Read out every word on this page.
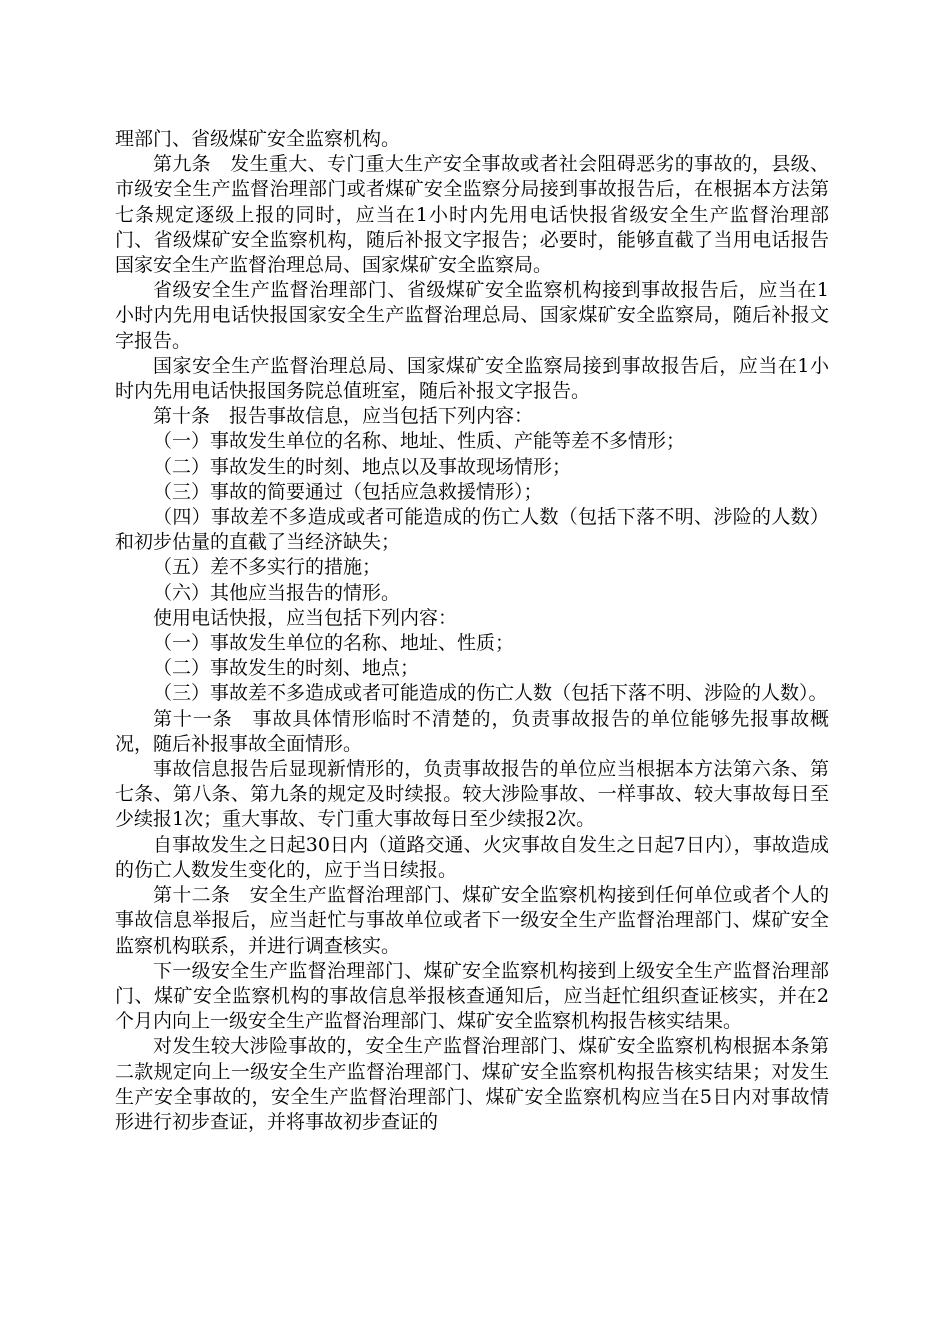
理部门、省级煤矿安全监察机构。

第九条　发生重大、专门重大生产安全事故或者社会阻碍恶劣的事故的，县级、市级安全生产监督治理部门或者煤矿安全监察分局接到事故报告后，在根据本方法第七条规定逐级上报的同时，应当在1小时内先用电话快报省级安全生产监督治理部门、省级煤矿安全监察机构，随后补报文字报告；必要时，能够直截了当用电话报告国家安全生产监督治理总局、国家煤矿安全监察局。

省级安全生产监督治理部门、省级煤矿安全监察机构接到事故报告后，应当在1小时内先用电话快报国家安全生产监督治理总局、国家煤矿安全监察局，随后补报文字报告。

国家安全生产监督治理总局、国家煤矿安全监察局接到事故报告后，应当在1小时内先用电话快报国务院总值班室，随后补报文字报告。

第十条　报告事故信息，应当包括下列内容：

（一）事故发生单位的名称、地址、性质、产能等差不多情形；

（二）事故发生的时刻、地点以及事故现场情形；

（三）事故的简要通过（包括应急救援情形）；

（四）事故差不多造成或者可能造成的伤亡人数（包括下落不明、涉险的人数）和初步估量的直截了当经济缺失；

（五）差不多实行的措施；

（六）其他应当报告的情形。

使用电话快报，应当包括下列内容：

（一）事故发生单位的名称、地址、性质；

（二）事故发生的时刻、地点；

（三）事故差不多造成或者可能造成的伤亡人数（包括下落不明、涉险的人数）。

第十一条　事故具体情形临时不清楚的，负责事故报告的单位能够先报事故概况，随后补报事故全面情形。

事故信息报告后显现新情形的，负责事故报告的单位应当根据本方法第六条、第七条、第八条、第九条的规定及时续报。较大涉险事故、一样事故、较大事故每日至少续报1次；重大事故、专门重大事故每日至少续报2次。

自事故发生之日起30日内（道路交通、火灾事故自发生之日起7日内），事故造成的伤亡人数发生变化的，应于当日续报。

第十二条　安全生产监督治理部门、煤矿安全监察机构接到任何单位或者个人的事故信息举报后，应当赶忙与事故单位或者下一级安全生产监督治理部门、煤矿安全监察机构联系，并进行调查核实。

下一级安全生产监督治理部门、煤矿安全监察机构接到上级安全生产监督治理部门、煤矿安全监察机构的事故信息举报核查通知后，应当赶忙组织查证核实，并在2个月内向上一级安全生产监督治理部门、煤矿安全监察机构报告核实结果。

对发生较大涉险事故的，安全生产监督治理部门、煤矿安全监察机构根据本条第二款规定向上一级安全生产监督治理部门、煤矿安全监察机构报告核实结果；对发生生产安全事故的，安全生产监督治理部门、煤矿安全监察机构应当在5日内对事故情形进行初步查证，并将事故初步查证的
